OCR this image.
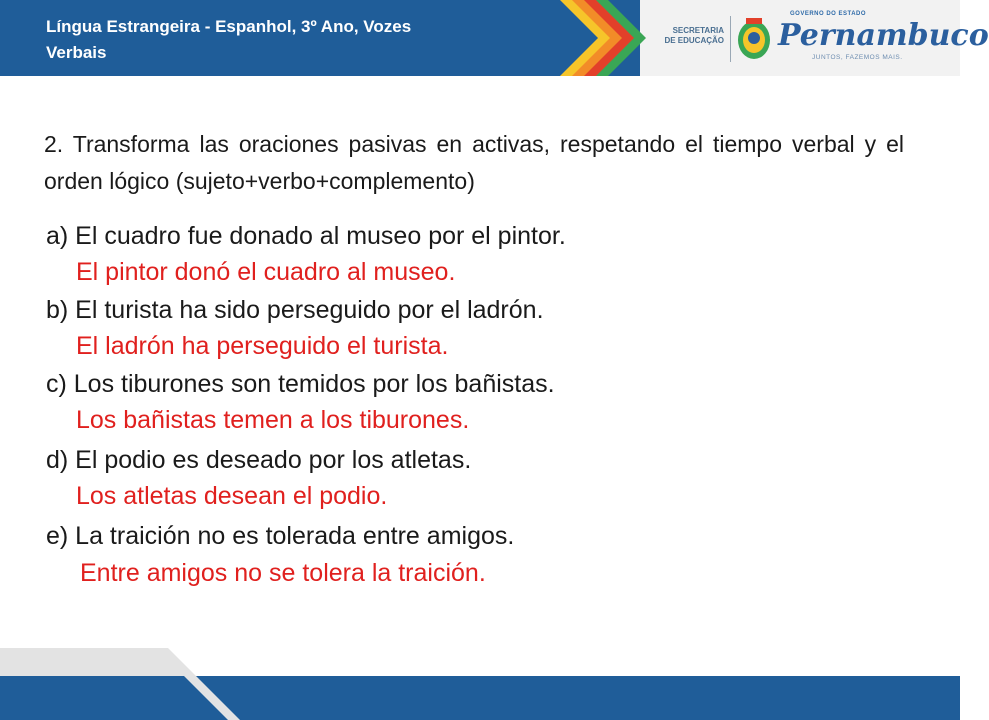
Língua Estrangeira - Espanhol, 3º Ano, Vozes Verbais
SECRETARIA
DE EDUCAÇÃO
GOVERNO DO ESTADO
Pernambuco
JUNTOS, FAZEMOS MAIS.
2. Transforma las oraciones pasivas en activas, respetando el tiempo verbal y el orden lógico (sujeto+verbo+complemento)
a) El cuadro fue donado al museo por el pintor.
El pintor donó el cuadro al museo.
b) El turista ha sido perseguido por el ladrón.
El ladrón ha perseguido el turista.
c) Los tiburones son temidos por los bañistas.
Los bañistas temen a los tiburones.
d) El podio es deseado por los atletas.
Los atletas desean el podio.
e) La traición no es tolerada entre amigos.
Entre amigos no se tolera la traición.
